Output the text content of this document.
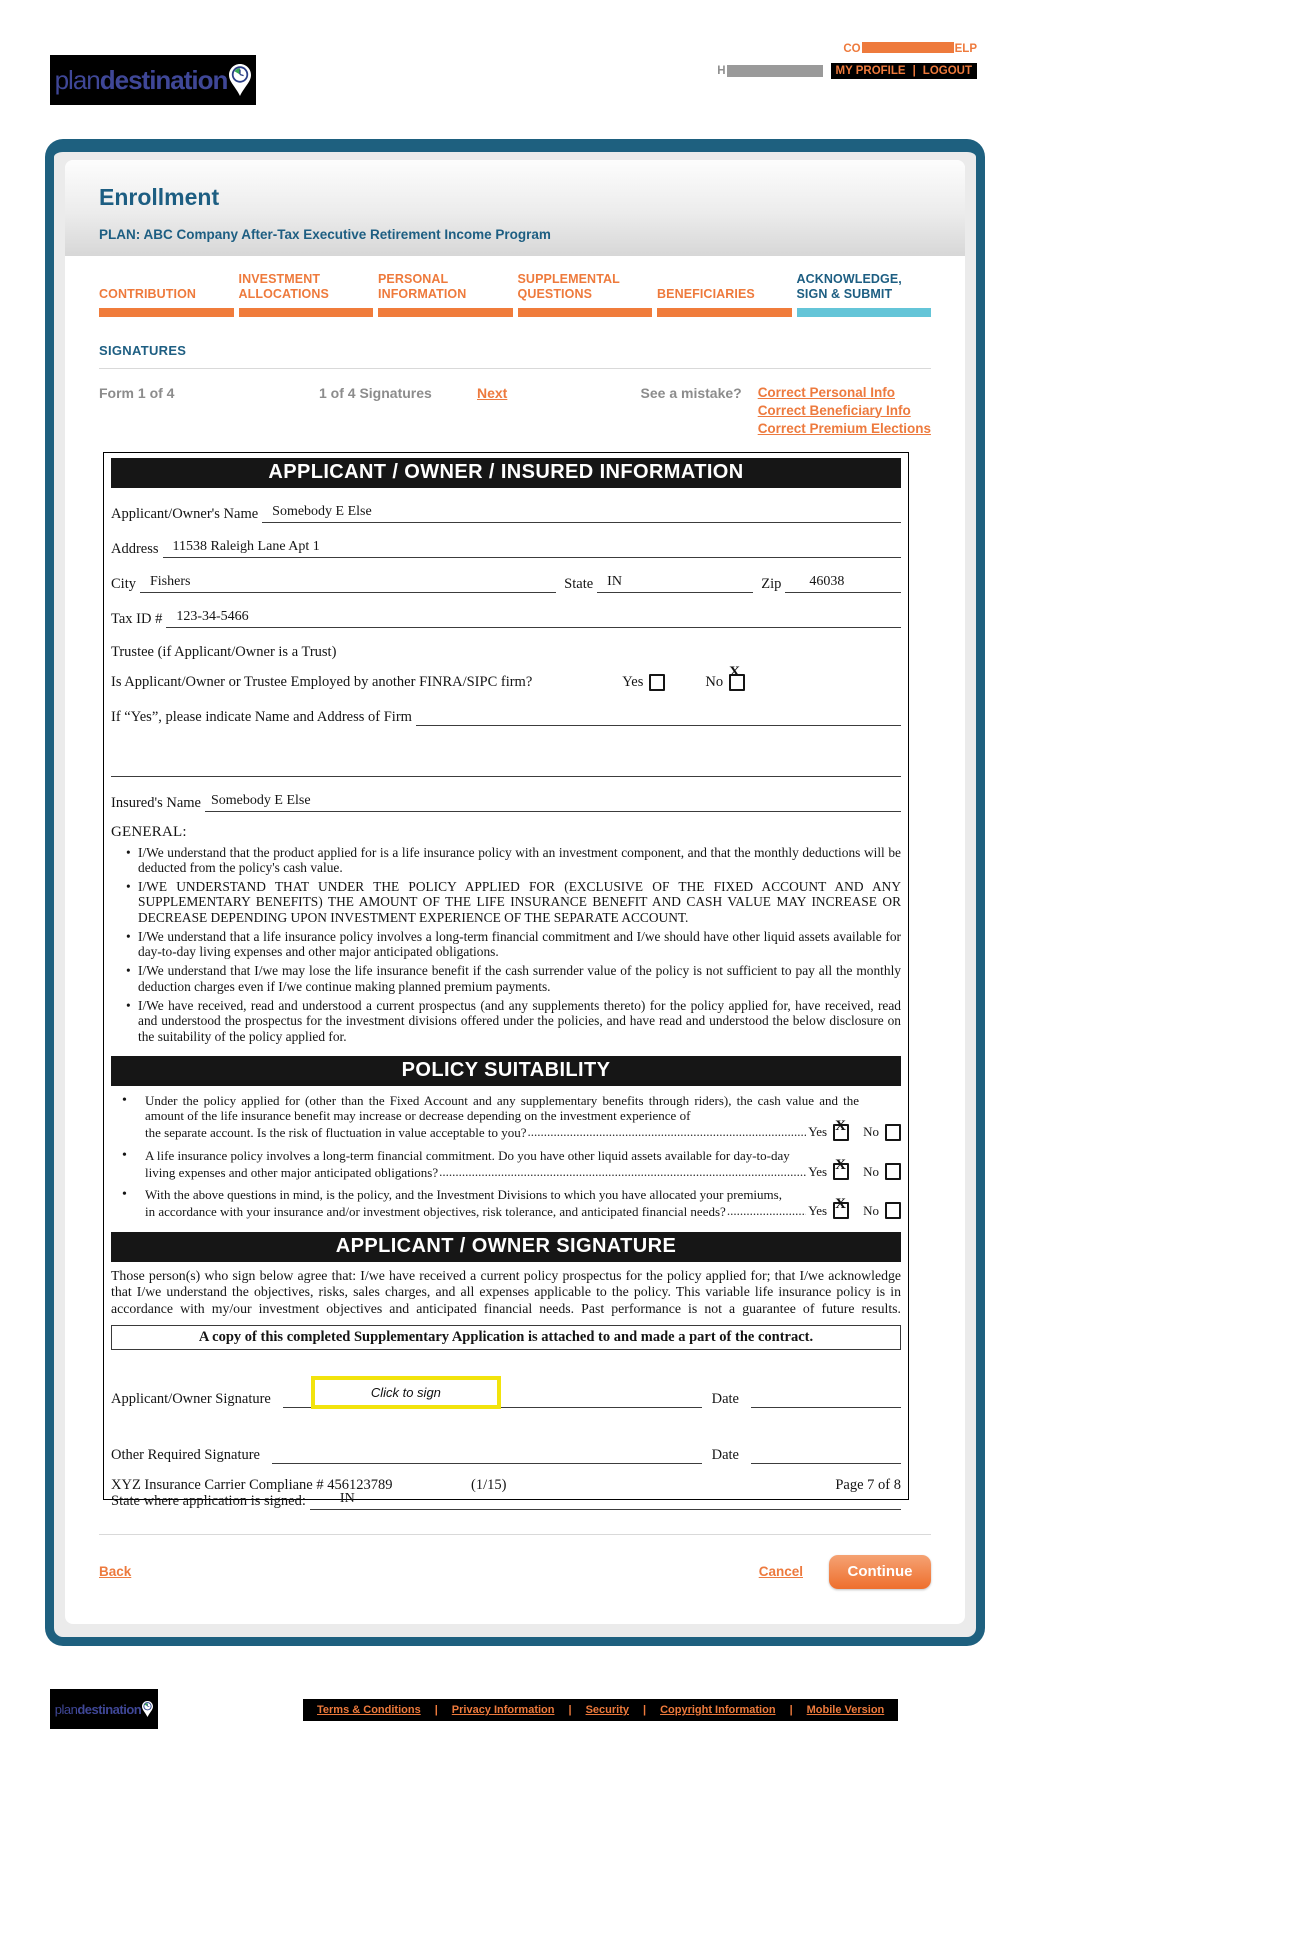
plandestination
CO	ELP
H	MY PROFILE | LOGOUT
Enrollment
PLAN: ABC Company After-Tax Executive Retirement Income Program
CONTRIBUTION
INVESTMENT ALLOCATIONS
PERSONAL INFORMATION
SUPPLEMENTAL QUESTIONS	BENEFICIARIES
ACKNOWLEDGE, SIGN & SUBMIT
SIGNATURES
Form 1 of 4	1 of 4 Signatures	Next	See a mistake? Correct Personal Info
Correct Beneficiary Info
Correct Premium Elections
APPLICANT / OWNER / INSURED INFORMATION
Applicant/Owner's Name Somebody E Else
Address 11538 Raleigh Lane Apt 1
City Fishers	State IN	Zip 46038
Tax ID # 123-34-5466
Trustee (if Applicant/Owner is a Trust)
Is Applicant/Owner or Trustee Employed by another FINRA/SIPC firm?	Yes	No
X
If “Yes”, please indicate Name and Address of Firm
Insured's Name Somebody E Else
GENERAL:
• I/We understand that the product applied for is a life insurance policy with an investment component, and that the monthly deductions will be deducted from the policy's cash value.
• I/WE UNDERSTAND THAT UNDER THE POLICY APPLIED FOR (EXCLUSIVE OF THE FIXED ACCOUNT AND ANY SUPPLEMENTARY BENEFITS) THE AMOUNT OF THE LIFE INSURANCE BENEFIT AND CASH VALUE MAY INCREASE OR DECREASE DEPENDING UPON INVESTMENT EXPERIENCE OF THE SEPARATE ACCOUNT.
• I/We understand that a life insurance policy involves a long-term financial commitment and I/we should have other liquid assets available for day-to-day living expenses and other major anticipated obligations.
• I/We understand that I/we may lose the life insurance benefit if the cash surrender value of the policy is not sufficient to pay all the monthly deduction charges even if I/we continue making planned premium payments.
• I/We have received, read and understood a current prospectus (and any supplements thereto) for the policy applied for, have received, read and understood the prospectus for the investment divisions offered under the policies, and have read and understood the below disclosure on the suitability of the policy applied for.
POLICY SUITABILITY
• Under the policy applied for (other than the Fixed Account and any supplementary benefits through riders), the cash value and the amount of the life insurance benefit may increase or decrease depending on the investment experience of
the separate account. Is the risk of fluctuation in value acceptable to you? .....	Yes X No
• A life insurance policy involves a long-term financial commitment. Do you have other liquid assets available for day-to-day
living expenses and other major anticipated obligations? .....	Yes X No
• With the above questions in mind, is the policy, and the Investment Divisions to which you have allocated your premiums,
in accordance with your insurance and/or investment objectives, risk tolerance, and anticipated financial needs? .....	Yes X No
APPLICANT / OWNER SIGNATURE
Those person(s) who sign below agree that: I/we have received a current policy prospectus for the policy applied for; that I/we acknowledge that I/we understand the objectives, risks, sales charges, and all expenses applicable to the policy. This variable life insurance policy is in accordance with my/our investment objectives and anticipated financial needs. Past performance is not a guarantee of future results.
A copy of this completed Supplementary Application is attached to and made a part of the contract.
Applicant/Owner Signature	Click to sign	Date
Other Required Signature	Date
State where application is signed: IN
XYZ Insurance Carrier Compliane # 456123789	(1/15)	Page 7 of 8
Back	Cancel	Continue
plandestination	Terms & Conditions | Privacy Information | Security | Copyright Information | Mobile Version
